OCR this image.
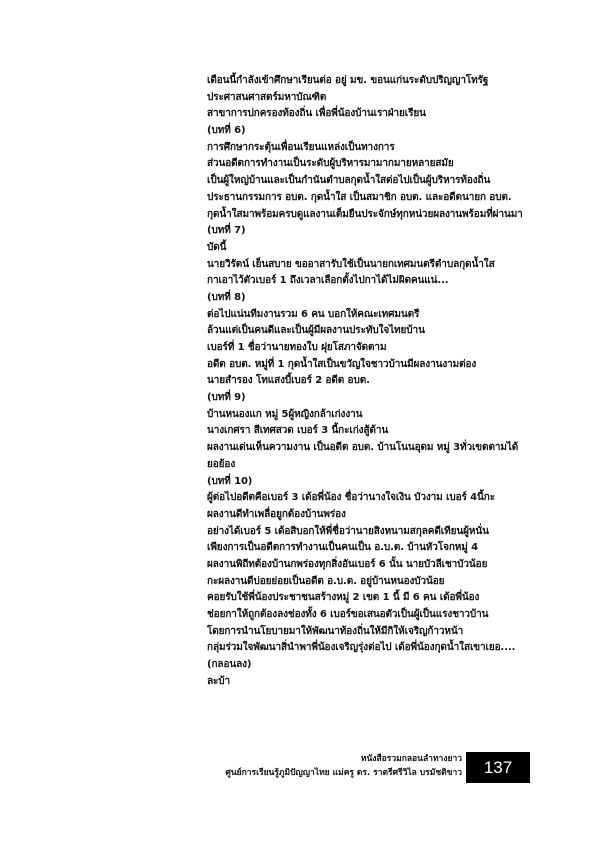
เดือนนี้กำลังเข้าศึกษาเรียนต่อ อยู่ มข. ขอนแก่นระดับปริญญาโทรัฐ
ประศาสนศาสตร์มหาบัณฑิต
สาขาการปกครองท้องถิ่น เพื่อพี่น้องบ้านเราฝ่ายเรียน
(บทที่ 6)
การศึกษากระตุ้นเพื่อนเรียนแหล่งเป็นทางการ
ส่วนอดีตการทำงานเป็นระดับผู้บริหารมามากมายหลายสมัย
เป็นผู้ใหญ่บ้านและเป็นกำนันตำบลกุดน้ำใสต่อไปเป็นผู้บริหารท้องถิ่น
ประธานกรรมการ อบต. กุดน้ำใส เป็นสมาชิก อบต. และอดีตนายก อบต.
กุดน้ำใสมาพร้อมครบดูแลงานเต็มยืนประจักษ์ทุกหน่วยผลงานพร้อมที่ผ่านมา
(บทที่ 7)
บัดนี้
นายวิรัตน์ เย็นสบาย ขออาสารับใช้เป็นนายกเทศมนตรีตำบลกุดน้ำใส
กาเอาไว้ตัวเบอร์ 1 ถึงเวลาเลือกตั้งไปกาได้ไม่ผิดคนแน่...
(บทที่ 8)
ต่อไปแน่นทีมงานรวม 6 คน บอกให้คณะเทศมนตรี
ล้วนแต่เป็นคนดีและเป็นผู้มีผลงานประทับใจไทยบ้าน
เบอร์ที่ 1 ชื่อว่านายทองใบ ฝุยโสภาจัดตาม
อดีต อบต. หมู่ที่ 1 กุดน้ำใสเป็นขวัญใจชาวบ้านมีผลงานงามต่อง
นายสำรอง โทแสงบี้เบอร์ 2 อดีต อบต.
(บทที่ 9)
บ้านหนองแก หมู่ 5ผู้หญิงกล้าเก่งงาน
นางเกศรา สีเทศสวด เบอร์ 3 นี้กะเก่งสู้ด้าน
ผลงานเด่นเห็นความงาน เป็นอดีต อบต. บ้านโนนอุดม หมู่ 3ทั่วเขตตามได้
ยอย้อง
(บทที่ 10)
ผู้ต่อไปอดีตคือเบอร์ 3 เด้อพี่น้อง ชื่อว่านางใจเงิน บัวงาม เบอร์ 4นี้กะ
ผลงานดีทำเพลื่อยูกต้องบ้านพร่อง
อย่างได้เบอร์ 5 เด้อสิบอกให้พี่ชื่อว่านายสิงหนามสกุลคดีเทียนผู้หนั่น
เพียงการเป็นอดีตการทำงานเป็นคนเป็น อ.บ.ต. บ้านหัวโจกหมู่ 4
ผลงานพิถีทต้องบ้านกพร่องทุกสิ่งอันเบอร์ 6 นั้น นายบัวลีเชาบัวน้อย
กะผลงานดีบ่อยย่อยเป็นอดีต อ.บ.ต. อยู่บ้านหนองบัวน้อย
คอยรับใช้พี่น้องประชาชนสร้างหมู่ 2 เขต 1 นี้ มี 6 คน เด้อพี่น้อง
ช่อยกาให้ถูกต้องลงช่องทั้ง 6 เบอร์ขอเสนอตัวเป็นผู้เป็นแรงชาวบ้าน
โดยการนำนโยบายมาให้พัฒนาท้องถิ่นให้มีกิให้เจริญก้าวหน้า
กลุ่มร่วมใจพัฒนาสิ่นำพาพี่น้องเจริญรุ่งต่อไป เด้อพี่น้องกุดน้ำใสเขาเยอ....
(กลอนลง)
ละบ้า
หนังสือรวมกลอนลำทางยาว
ศูนย์การเรียนรู้ภูมิปัญญาไทย แม่ครู ดร. ราตรีศรีวิไล บรมัชติขาว 137
